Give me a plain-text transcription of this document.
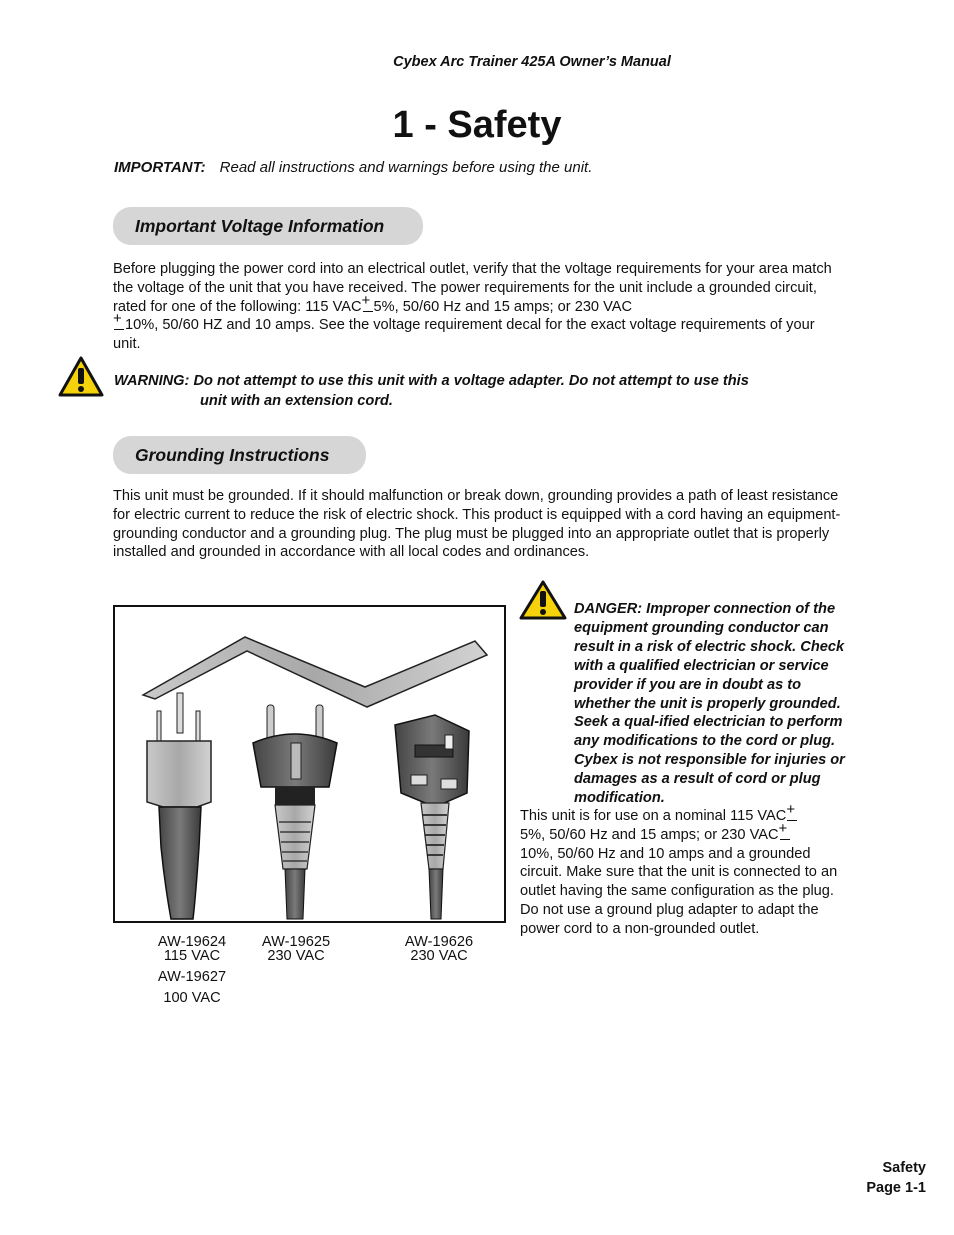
Cybex Arc Trainer 425A Owner’s Manual
1 - Safety
IMPORTANT: Read all instructions and warnings before using the unit.
Important Voltage Information
Before plugging the power cord into an electrical outlet, verify that the voltage requirements for your area match the voltage of the unit that you have received. The power requirements for the unit include a grounded circuit, rated for one of the following: 115 VAC+ 5%, 50/60 Hz and 15 amps; or 230 VAC
+10%, 50/60 HZ and 10 amps. See the voltage requirement decal for the exact voltage requirements of your unit.
WARNING: Do not attempt to use this unit with a voltage adapter. Do not attempt to use this
unit with an extension cord.
Grounding Instructions
This unit must be grounded. If it should malfunction or break down, grounding provides a path of least resistance for electric current to reduce the risk of electric shock. This product is equipped with a cord having an equipment-grounding conductor and a grounding plug. The plug must be plugged into an appropriate outlet that is properly installed and grounded in accordance with all local codes and ordinances.
AW-19624
115 VAC
AW-19627
100 VAC
AW-19625
230 VAC
AW-19626
230 VAC
DANGER: Improper connection of the equipment grounding conductor can result in a risk of electric shock. Check with a qualified electrician or service provider if you are in doubt as to whether the unit is properly grounded. Seek a qual-ified electrician to perform any modifications to the cord or plug. Cybex is not responsible for injuries or damages as a result of cord or plug modification.
This unit is for use on a nominal 115 VAC+
5%, 50/60 Hz and 15 amps; or 230 VAC+
10%, 50/60 Hz and 10 amps and a grounded circuit. Make sure that the unit is connected to an outlet having the same configuration as the plug. Do not use a ground plug adapter to adapt the power cord to a non-grounded outlet.
Safety
Page 1-1
